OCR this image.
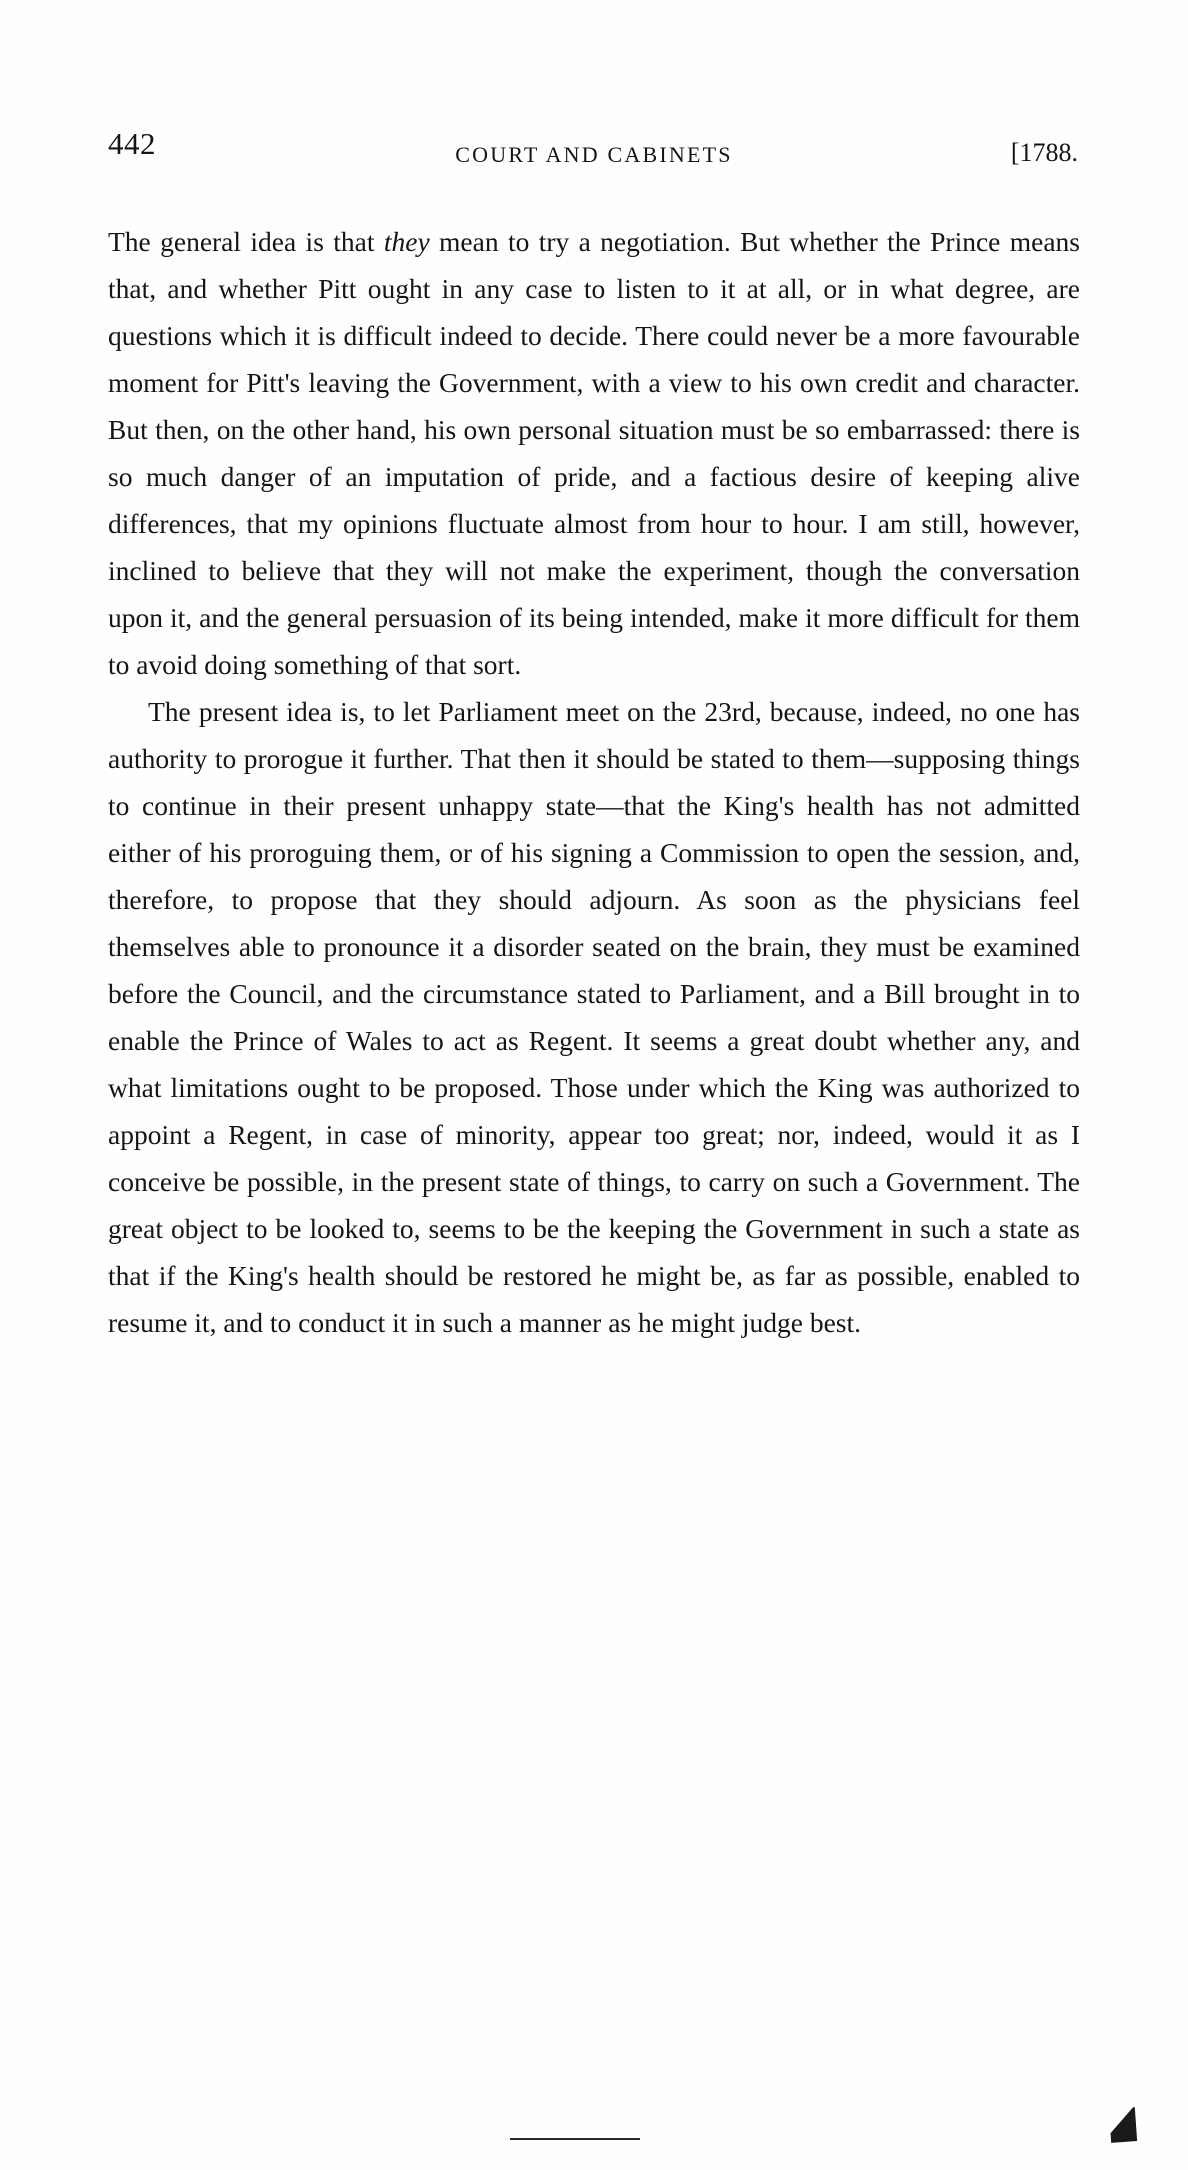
442	COURT AND CABINETS	[1788.

The general idea is that they mean to try a negotiation. But whether the Prince means that, and whether Pitt ought in any case to listen to it at all, or in what degree, are questions which it is difficult indeed to decide. There could never be a more favourable moment for Pitt's leaving the Government, with a view to his own credit and character. But then, on the other hand, his own personal situation must be so embarrassed: there is so much danger of an imputation of pride, and a factious desire of keeping alive differences, that my opinions fluctuate almost from hour to hour. I am still, however, inclined to believe that they will not make the experiment, though the conversation upon it, and the general persuasion of its being intended, make it more difficult for them to avoid doing something of that sort.

The present idea is, to let Parliament meet on the 23rd, because, indeed, no one has authority to prorogue it further. That then it should be stated to them—supposing things to continue in their present unhappy state—that the King's health has not admitted either of his proroguing them, or of his signing a Commission to open the session, and, therefore, to propose that they should adjourn. As soon as the physicians feel themselves able to pronounce it a disorder seated on the brain, they must be examined before the Council, and the circumstance stated to Parliament, and a Bill brought in to enable the Prince of Wales to act as Regent. It seems a great doubt whether any, and what limitations ought to be proposed. Those under which the King was authorized to appoint a Regent, in case of minority, appear too great; nor, indeed, would it as I conceive be possible, in the present state of things, to carry on such a Government. The great object to be looked to, seems to be the keeping the Government in such a state as that if the King's health should be restored he might be, as far as possible, enabled to resume it, and to conduct it in such a manner as he might judge best.
